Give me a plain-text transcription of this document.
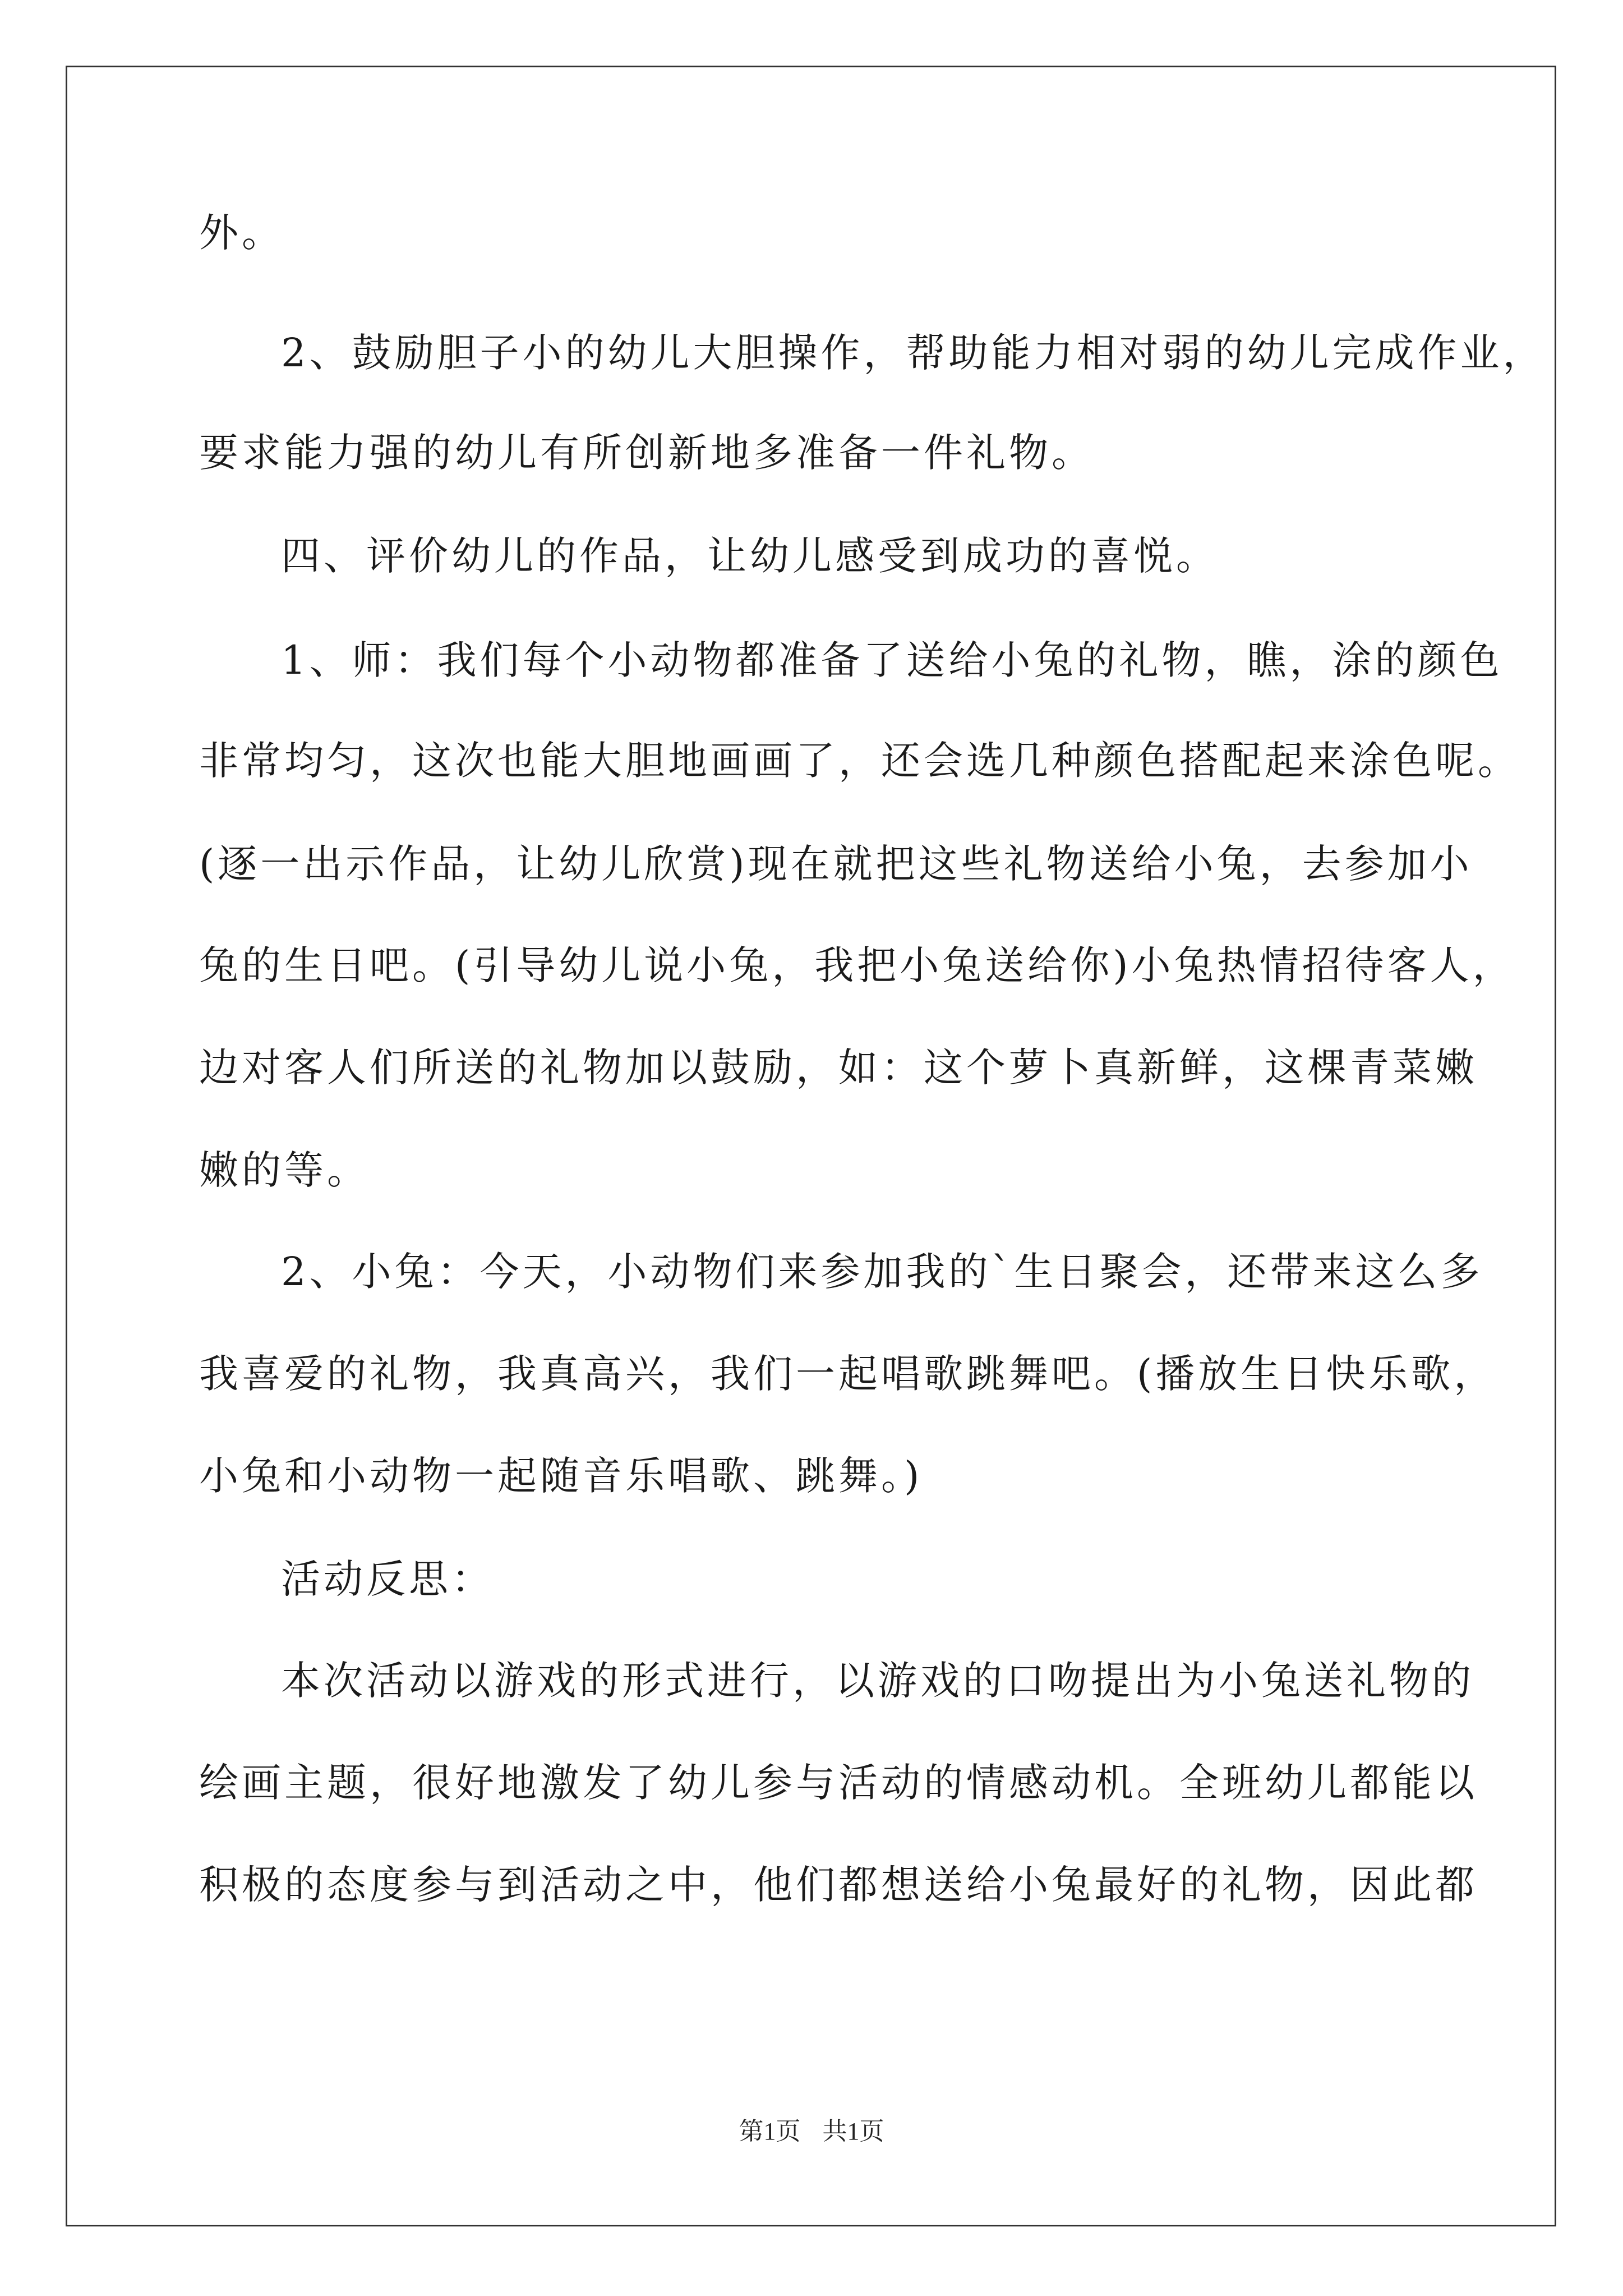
外。
2、鼓励胆子小的幼儿大胆操作，帮助能力相对弱的幼儿完成作业，
要求能力强的幼儿有所创新地多准备一件礼物。
四、评价幼儿的作品，让幼儿感受到成功的喜悦。
1、师：我们每个小动物都准备了送给小兔的礼物，瞧，涂的颜色
非常均匀，这次也能大胆地画画了，还会选几种颜色搭配起来涂色呢。
(逐一出示作品，让幼儿欣赏)现在就把这些礼物送给小兔，去参加小
兔的生日吧。(引导幼儿说小兔，我把小兔送给你)小兔热情招待客人，
边对客人们所送的礼物加以鼓励，如：这个萝卜真新鲜，这棵青菜嫩
嫩的等。
2、小兔：今天，小动物们来参加我的`生日聚会，还带来这么多
我喜爱的礼物，我真高兴，我们一起唱歌跳舞吧。(播放生日快乐歌，
小兔和小动物一起随音乐唱歌、跳舞。)
活动反思：
本次活动以游戏的形式进行，以游戏的口吻提出为小兔送礼物的
绘画主题，很好地激发了幼儿参与活动的情感动机。全班幼儿都能以
积极的态度参与到活动之中，他们都想送给小兔最好的礼物，因此都
第1页 共1页
